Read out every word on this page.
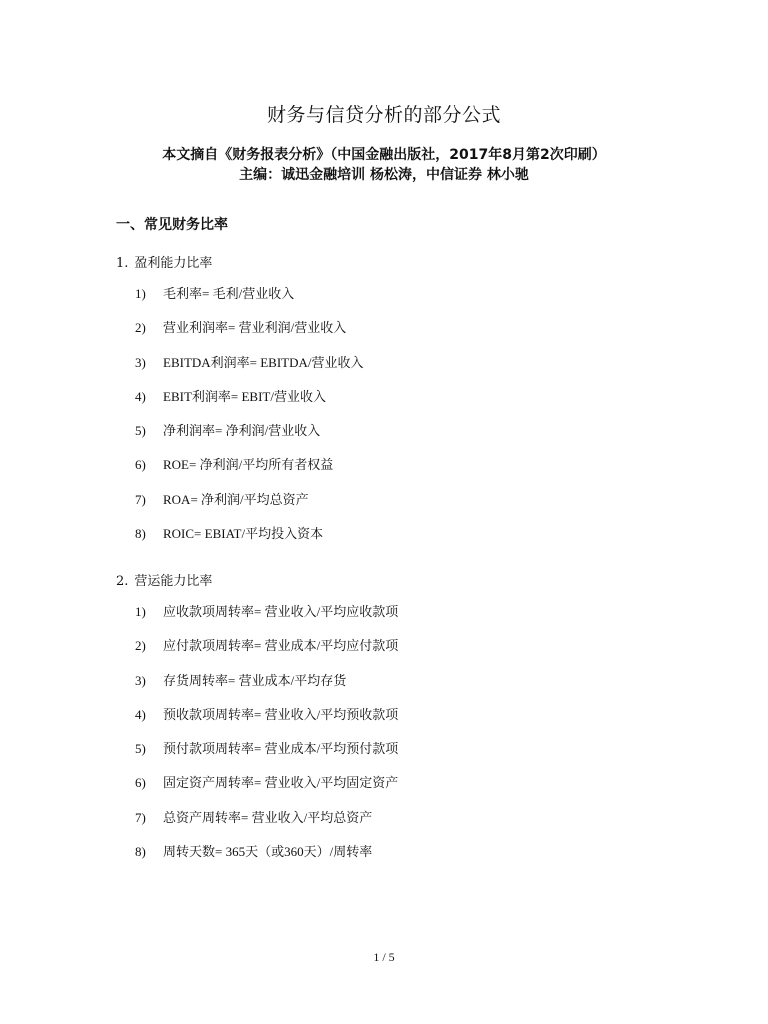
财务与信贷分析的部分公式
本文摘自《财务报表分析》（中国金融出版社，2017年8月第2次印刷）
主编：诚迅金融培训 杨松涛，中信证券 林小驰
一、常见财务比率
1. 盈利能力比率
1) 毛利率= 毛利/营业收入
2) 营业利润率= 营业利润/营业收入
3) EBITDA利润率= EBITDA/营业收入
4) EBIT利润率= EBIT/营业收入
5) 净利润率= 净利润/营业收入
6) ROE= 净利润/平均所有者权益
7) ROA= 净利润/平均总资产
8) ROIC= EBIAT/平均投入资本
2. 营运能力比率
1) 应收款项周转率= 营业收入/平均应收款项
2) 应付款项周转率= 营业成本/平均应付款项
3) 存货周转率= 营业成本/平均存货
4) 预收款项周转率= 营业收入/平均预收款项
5) 预付款项周转率= 营业成本/平均预付款项
6) 固定资产周转率= 营业收入/平均固定资产
7) 总资产周转率= 营业收入/平均总资产
8) 周转天数= 365天（或360天）/周转率
1 / 5
